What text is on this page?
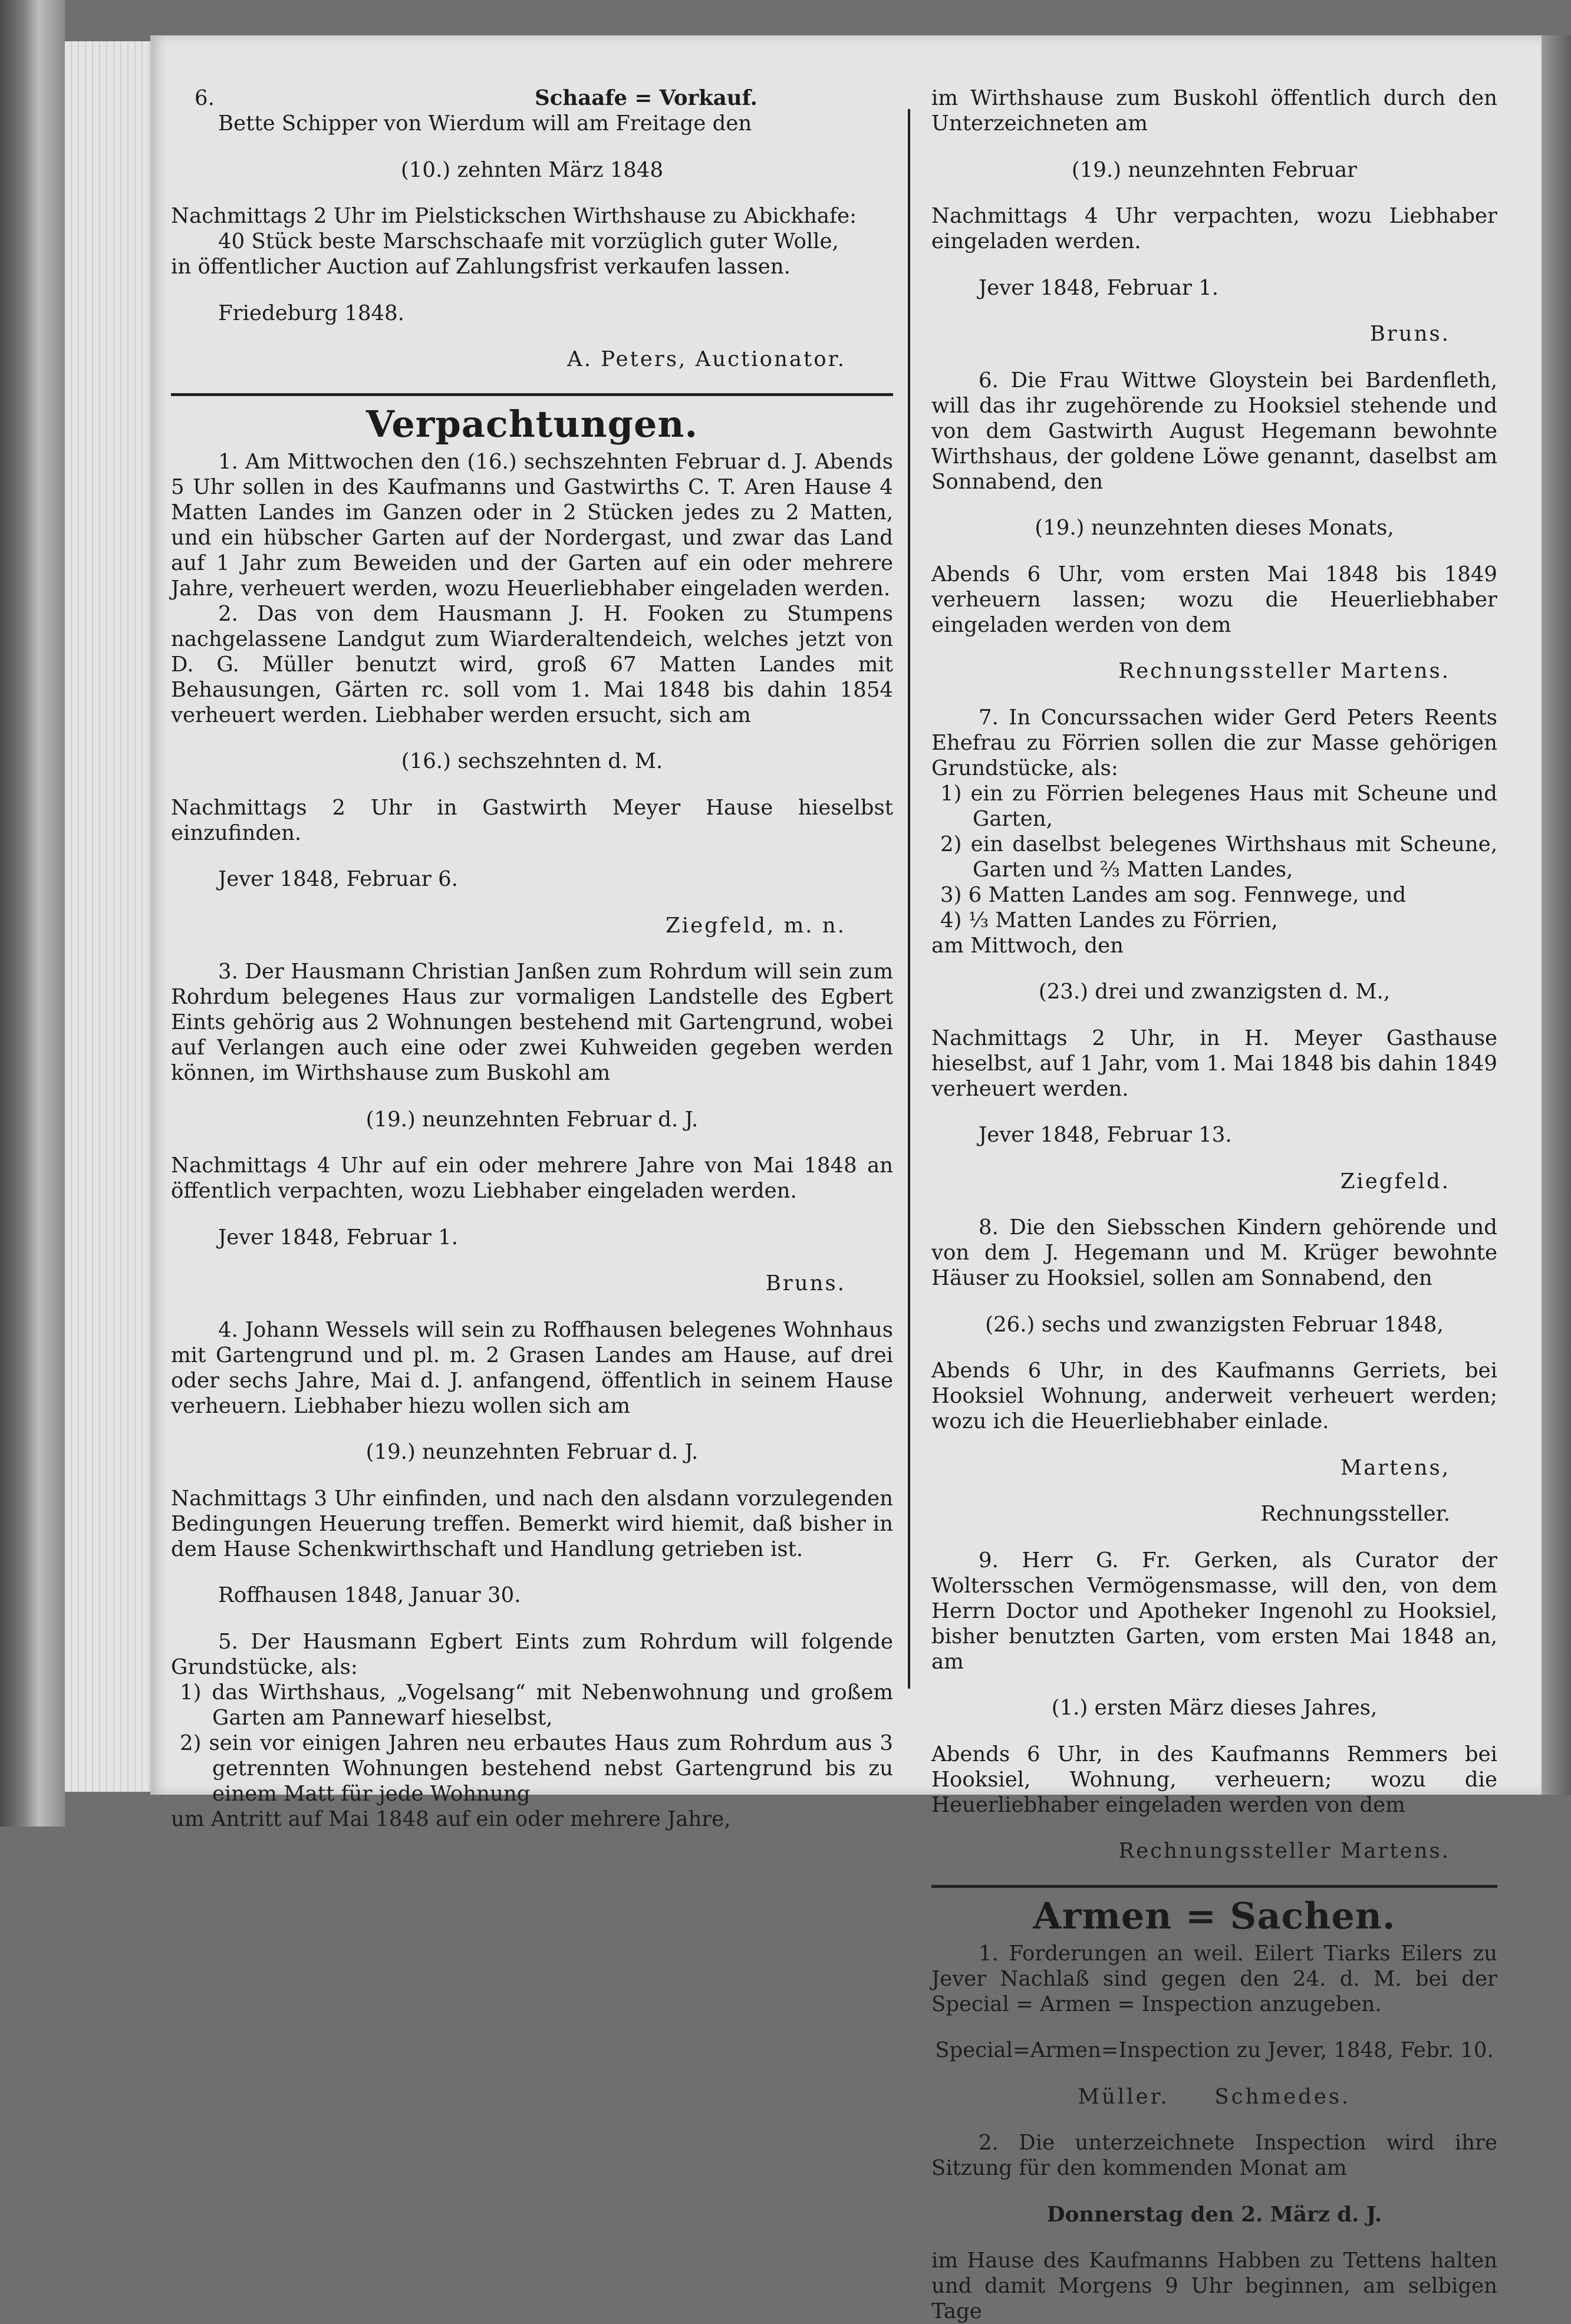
6.	Schaafe = Vorkauf.

Bette Schipper von Wierdum will am Freitage den

(10.) zehnten März 1848

Nachmittags 2 Uhr im Pielstickschen Wirthshause zu Abickhafe:

40 Stück beste Marschschaafe mit vorzüglich guter Wolle,

in öffentlicher Auction auf Zahlungsfrist verkaufen lassen.

Friedeburg 1848.

A. Peters, Auctionator.

Verpachtungen.

1. Am Mittwochen den (16.) sechszehnten Februar d. J. Abends 5 Uhr sollen in des Kaufmanns und Gastwirths C. T. Aren Hause 4 Matten Landes im Ganzen oder in 2 Stücken jedes zu 2 Matten, und ein hübscher Garten auf der Nordergast, und zwar das Land auf 1 Jahr zum Beweiden und der Garten auf ein oder mehrere Jahre, verheuert werden, wozu Heuerliebhaber eingeladen werden.

2. Das von dem Hausmann J. H. Fooken zu Stumpens nachgelassene Landgut zum Wiarderaltendeich, welches jetzt von D. G. Müller benutzt wird, groß 67 Matten Landes mit Behausungen, Gärten rc. soll vom 1. Mai 1848 bis dahin 1854 verheuert werden. Liebhaber werden ersucht, sich am

(16.) sechszehnten d. M.

Nachmittags 2 Uhr in Gastwirth Meyer Hause hieselbst einzufinden.

Jever 1848, Februar 6.

Ziegfeld, m. n.

3. Der Hausmann Christian Janßen zum Rohrdum will sein zum Rohrdum belegenes Haus zur vormaligen Landstelle des Egbert Eints gehörig aus 2 Wohnungen bestehend mit Gartengrund, wobei auf Verlangen auch eine oder zwei Kuhweiden gegeben werden können, im Wirthshause zum Buskohl am

(19.) neunzehnten Februar d. J.

Nachmittags 4 Uhr auf ein oder mehrere Jahre von Mai 1848 an öffentlich verpachten, wozu Liebhaber eingeladen werden.

Jever 1848, Februar 1.

Bruns.

4. Johann Wessels will sein zu Roffhausen belegenes Wohnhaus mit Gartengrund und pl. m. 2 Grasen Landes am Hause, auf drei oder sechs Jahre, Mai d. J. anfangend, öffentlich in seinem Hause verheuern. Liebhaber hiezu wollen sich am

(19.) neunzehnten Februar d. J.

Nachmittags 3 Uhr einfinden, und nach den alsdann vorzulegenden Bedingungen Heuerung treffen. Bemerkt wird hiemit, daß bisher in dem Hause Schenkwirthschaft und Handlung getrieben ist.

Roffhausen 1848, Januar 30.

5. Der Hausmann Egbert Eints zum Rohrdum will folgende Grundstücke, als:

1) das Wirthshaus, „Vogelsang“ mit Nebenwohnung und großem Garten am Pannewarf hieselbst,

2) sein vor einigen Jahren neu erbautes Haus zum Rohrdum aus 3 getrennten Wohnungen bestehend nebst Gartengrund bis zu einem Matt für jede Wohnung

um Antritt auf Mai 1848 auf ein oder mehrere Jahre,

im Wirthshause zum Buskohl öffentlich durch den Unterzeichneten am

(19.) neunzehnten Februar

Nachmittags 4 Uhr verpachten, wozu Liebhaber eingeladen werden.

Jever 1848, Februar 1.

Bruns.

6. Die Frau Wittwe Gloystein bei Bardenfleth, will das ihr zugehörende zu Hooksiel stehende und von dem Gastwirth August Hegemann bewohnte Wirthshaus, der goldene Löwe genannt, daselbst am Sonnabend, den

(19.) neunzehnten dieses Monats,

Abends 6 Uhr, vom ersten Mai 1848 bis 1849 verheuern lassen; wozu die Heuerliebhaber eingeladen werden von dem

Rechnungssteller Martens.

7. In Concurssachen wider Gerd Peters Reents Ehefrau zu Förrien sollen die zur Masse gehörigen Grundstücke, als:

1) ein zu Förrien belegenes Haus mit Scheune und Garten,

2) ein daselbst belegenes Wirthshaus mit Scheune, Garten und ⅔ Matten Landes,

3) 6 Matten Landes am sog. Fennwege, und

4) ⅓ Matten Landes zu Förrien,

am Mittwoch, den

(23.) drei und zwanzigsten d. M.,

Nachmittags 2 Uhr, in H. Meyer Gasthause hieselbst, auf 1 Jahr, vom 1. Mai 1848 bis dahin 1849 verheuert werden.

Jever 1848, Februar 13.

Ziegfeld.

8. Die den Siebsschen Kindern gehörende und von dem J. Hegemann und M. Krüger bewohnte Häuser zu Hooksiel, sollen am Sonnabend, den

(26.) sechs und zwanzigsten Februar 1848,

Abends 6 Uhr, in des Kaufmanns Gerriets, bei Hooksiel Wohnung, anderweit verheuert werden; wozu ich die Heuerliebhaber einlade.

Martens,

Rechnungssteller.

9. Herr G. Fr. Gerken, als Curator der Woltersschen Vermögensmasse, will den, von dem Herrn Doctor und Apotheker Ingenohl zu Hooksiel, bisher benutzten Garten, vom ersten Mai 1848 an, am

(1.) ersten März dieses Jahres,

Abends 6 Uhr, in des Kaufmanns Remmers bei Hooksiel, Wohnung, verheuern; wozu die Heuerliebhaber eingeladen werden von dem

Rechnungssteller Martens.

Armen = Sachen.

1. Forderungen an weil. Eilert Tiarks Eilers zu Jever Nachlaß sind gegen den 24. d. M. bei der Special = Armen = Inspection anzugeben.

Special=Armen=Inspection zu Jever, 1848, Febr. 10.

Müller.     Schmedes.

2. Die unterzeichnete Inspection wird ihre Sitzung für den kommenden Monat am

Donnerstag den 2. März d. J.

im Hause des Kaufmanns Habben zu Tettens halten und damit Morgens 9 Uhr beginnen, am selbigen Tage
